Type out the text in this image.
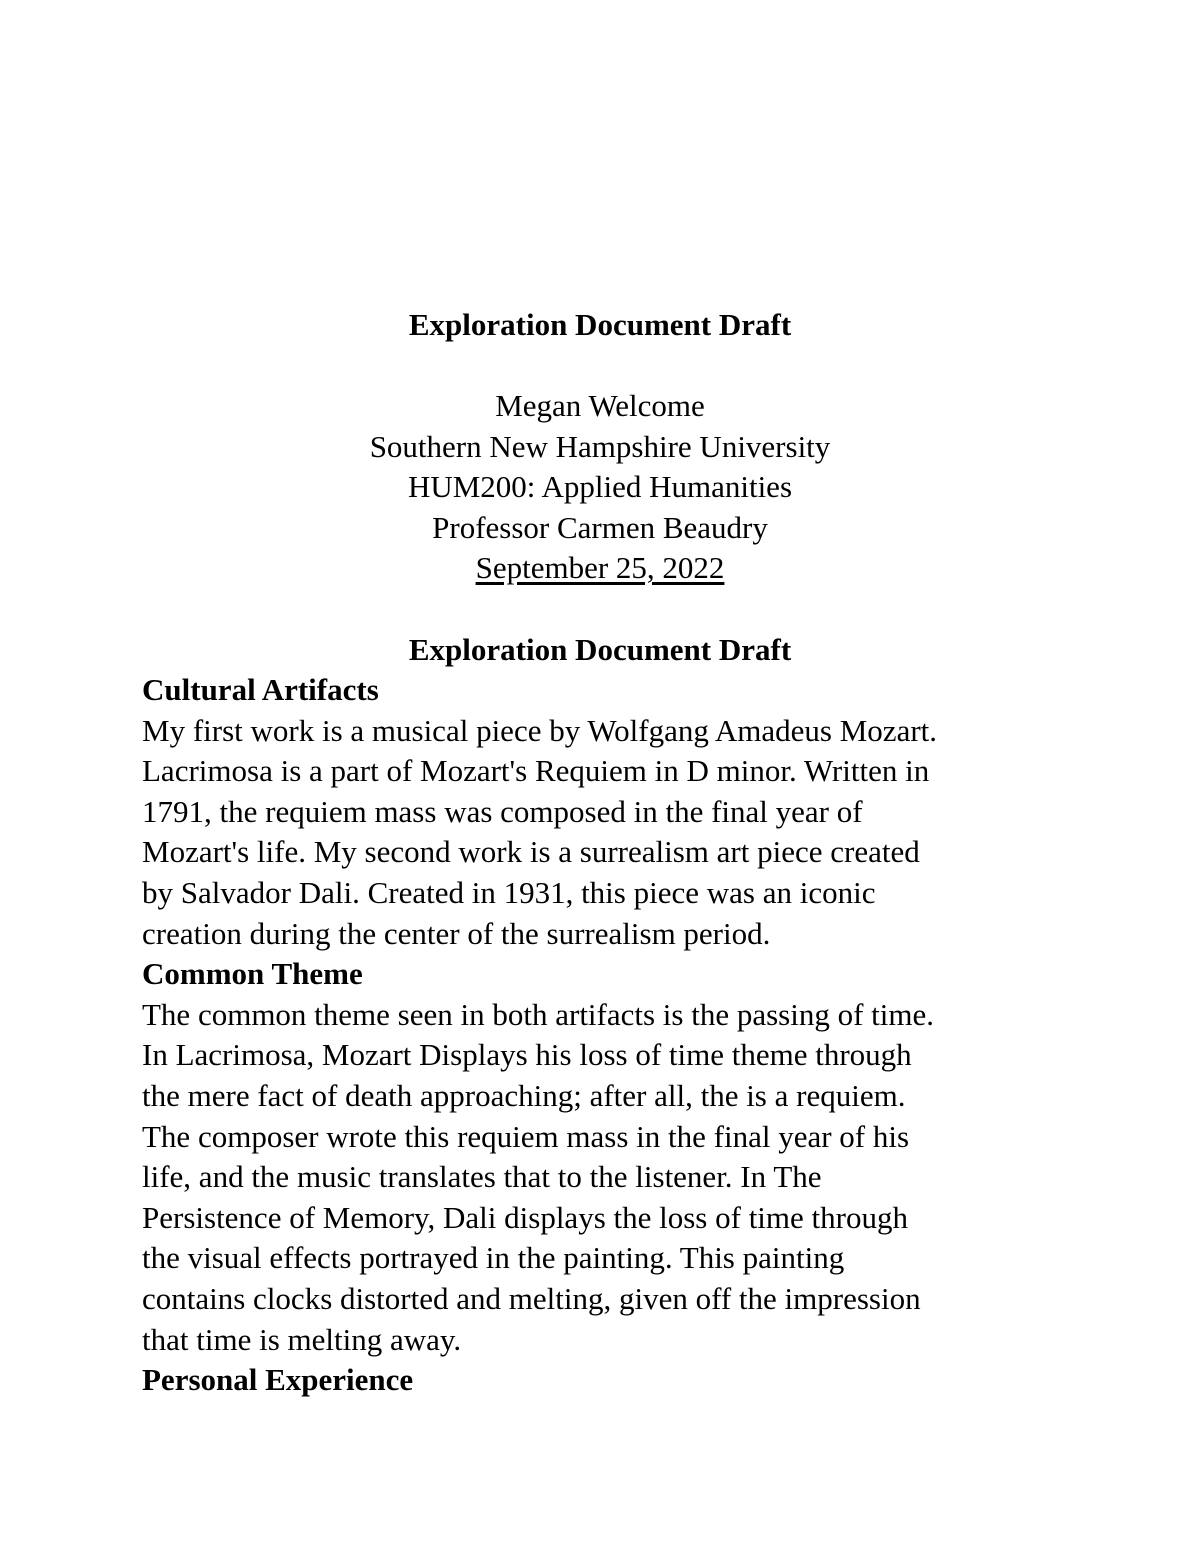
Exploration Document Draft
Megan Welcome
Southern New Hampshire University
HUM200: Applied Humanities
Professor Carmen Beaudry
September 25, 2022
Exploration Document Draft
Cultural Artifacts
My first work is a musical piece by Wolfgang Amadeus Mozart.
Lacrimosa is a part of Mozart's Requiem in D minor. Written in
1791, the requiem mass was composed in the final year of
Mozart's life. My second work is a surrealism art piece created
by Salvador Dali. Created in 1931, this piece was an iconic
creation during the center of the surrealism period.
Common Theme
The common theme seen in both artifacts is the passing of time.
In Lacrimosa, Mozart Displays his loss of time theme through
the mere fact of death approaching; after all, the is a requiem.
The composer wrote this requiem mass in the final year of his
life, and the music translates that to the listener. In The
Persistence of Memory, Dali displays the loss of time through
the visual effects portrayed in the painting. This painting
contains clocks distorted and melting, given off the impression
that time is melting away.
Personal Experience
